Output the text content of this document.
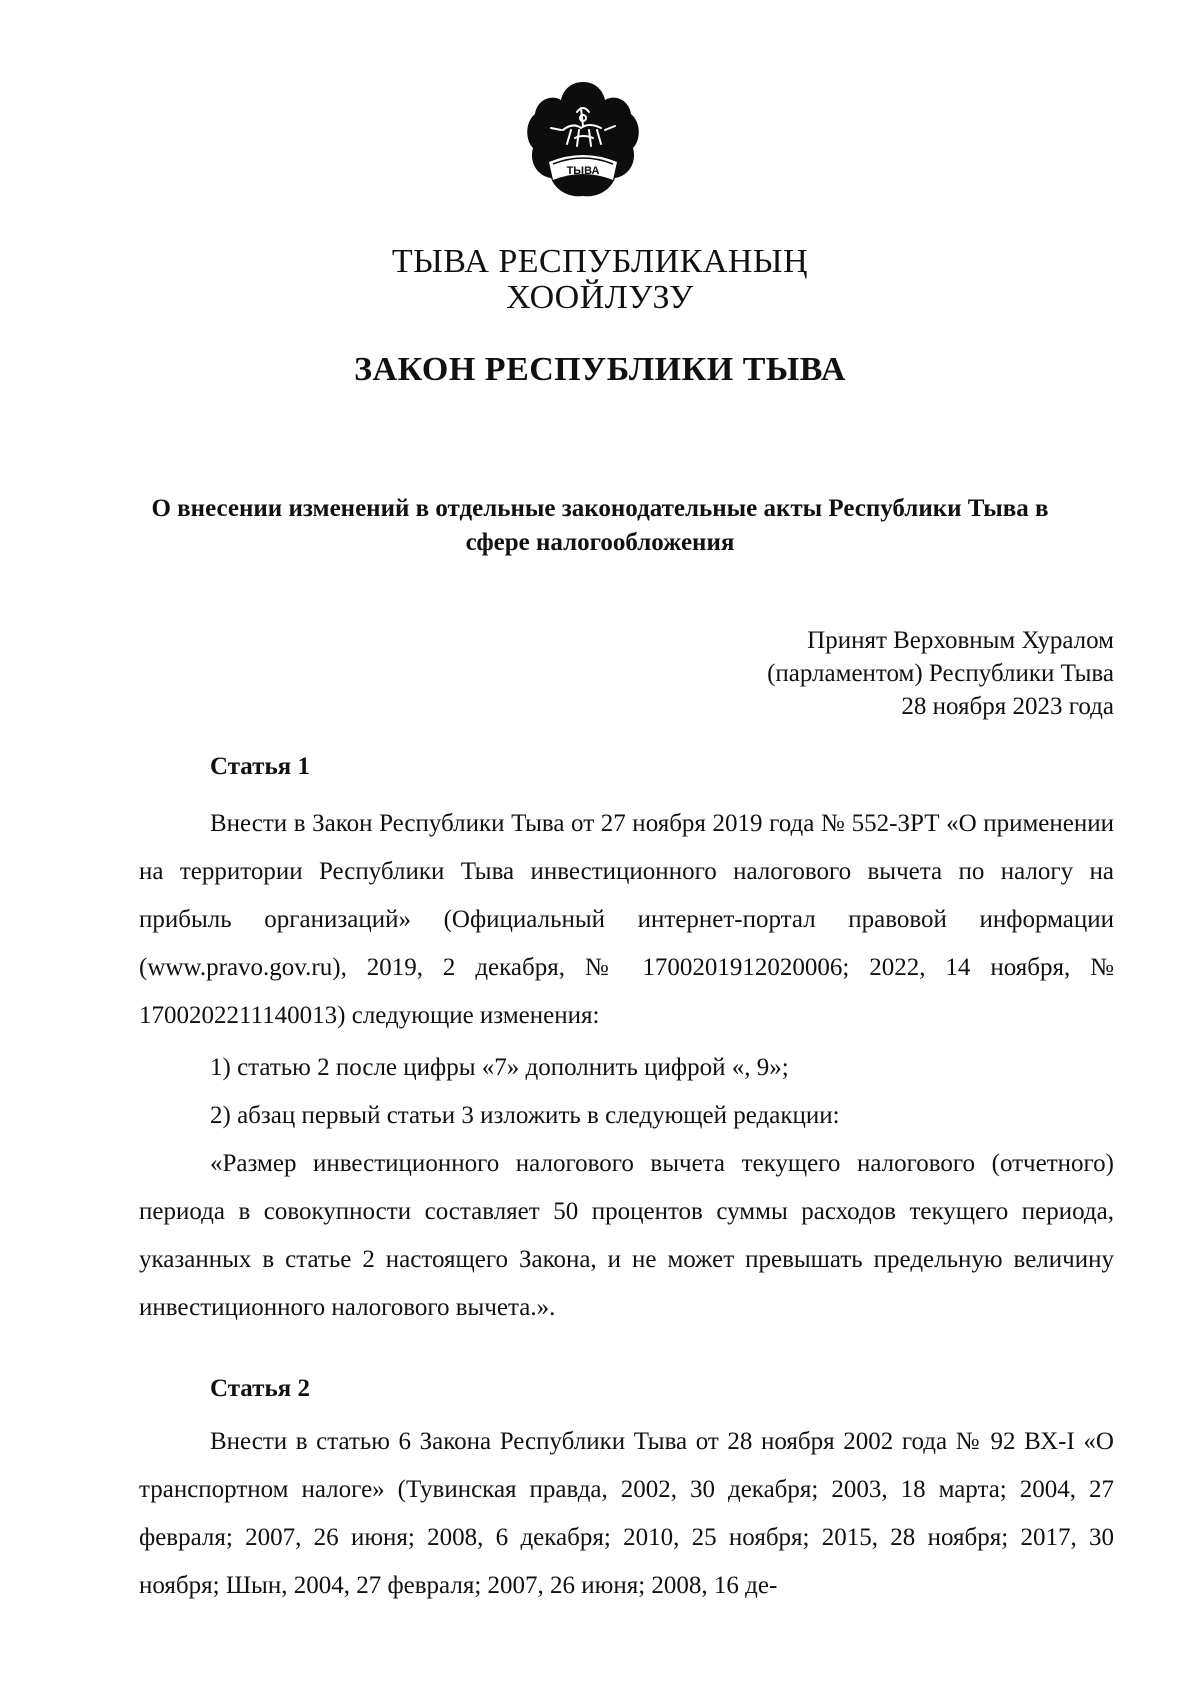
ТЫВА
ТЫВА РЕСПУБЛИКАНЫҢ
ХООЙЛУЗУ
ЗАКОН РЕСПУБЛИКИ ТЫВА
О внесении изменений в отдельные законодательные акты Республики Тыва в сфере налогообложения
Принят Верховным Хуралом
(парламентом) Республики Тыва
28 ноября 2023 года
Статья 1

Внести в Закон Республики Тыва от 27 ноября 2019 года № 552-ЗРТ «О применении на территории Республики Тыва инвестиционного налогового вычета по налогу на прибыль организаций» (Официальный интернет-портал правовой информации (www.pravo.gov.ru), 2019, 2 декабря, № 1700201912020006; 2022, 14 ноября, № 1700202211140013) следующие изменения:

1) статью 2 после цифры «7» дополнить цифрой «, 9»;

2) абзац первый статьи 3 изложить в следующей редакции:

«Размер инвестиционного налогового вычета текущего налогового (отчетного) периода в совокупности составляет 50 процентов суммы расходов текущего периода, указанных в статье 2 настоящего Закона, и не может превышать предельную величину инвестиционного налогового вычета.».

Статья 2

Внести в статью 6 Закона Республики Тыва от 28 ноября 2002 года № 92 ВХ-I «О транспортном налоге» (Тувинская правда, 2002, 30 декабря; 2003, 18 марта; 2004, 27 февраля; 2007, 26 июня; 2008, 6 декабря; 2010, 25 ноября; 2015, 28 ноября; 2017, 30 ноября; Шын, 2004, 27 февраля; 2007, 26 июня; 2008, 16 де-
